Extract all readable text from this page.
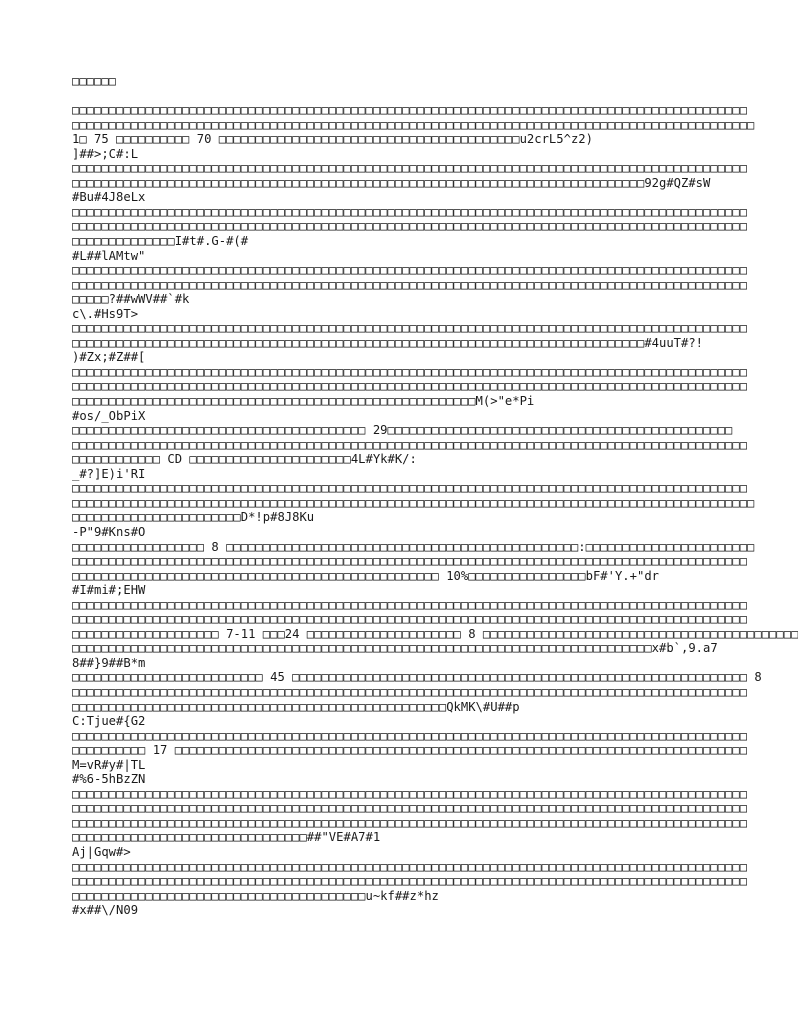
□□□□□□
□□□□□□□□□□□□□□□□□□□□□□□□□□□□□□□□□□□□□□□□□□□□□□□□□□□□□□□□□□□□□□□□□□□□□□□□□□□□□□□□□□□□□□□□□□□□
□□□□□□□□□□□□□□□□□□□□□□□□□□□□□□□□□□□□□□□□□□□□□□□□□□□□□□□□□□□□□□□□□□□□□□□□□□□□□□□□□□□□□□□□□□□□□
1□ 75 □□□□□□□□□□ 70 □□□□□□□□□□□□□□□□□□□□□□□□□□□□□□□□□□□□□□□□□u2crL5^z2)
]##>;C#:L
□□□□□□□□□□□□□□□□□□□□□□□□□□□□□□□□□□□□□□□□□□□□□□□□□□□□□□□□□□□□□□□□□□□□□□□□□□□□□□□□□□□□□□□□□□□□
□□□□□□□□□□□□□□□□□□□□□□□□□□□□□□□□□□□□□□□□□□□□□□□□□□□□□□□□□□□□□□□□□□□□□□□□□□□□□□92g#QZ#sW
#Bu#4J8eLx
□□□□□□□□□□□□□□□□□□□□□□□□□□□□□□□□□□□□□□□□□□□□□□□□□□□□□□□□□□□□□□□□□□□□□□□□□□□□□□□□□□□□□□□□□□□□
□□□□□□□□□□□□□□□□□□□□□□□□□□□□□□□□□□□□□□□□□□□□□□□□□□□□□□□□□□□□□□□□□□□□□□□□□□□□□□□□□□□□□□□□□□□□
□□□□□□□□□□□□□□I#t#.G-#(#
#L##lAMtw"
□□□□□□□□□□□□□□□□□□□□□□□□□□□□□□□□□□□□□□□□□□□□□□□□□□□□□□□□□□□□□□□□□□□□□□□□□□□□□□□□□□□□□□□□□□□□
□□□□□□□□□□□□□□□□□□□□□□□□□□□□□□□□□□□□□□□□□□□□□□□□□□□□□□□□□□□□□□□□□□□□□□□□□□□□□□□□□□□□□□□□□□□□
□□□□□?##wWV##`#k
c\.#Hs9T>
□□□□□□□□□□□□□□□□□□□□□□□□□□□□□□□□□□□□□□□□□□□□□□□□□□□□□□□□□□□□□□□□□□□□□□□□□□□□□□□□□□□□□□□□□□□□
□□□□□□□□□□□□□□□□□□□□□□□□□□□□□□□□□□□□□□□□□□□□□□□□□□□□□□□□□□□□□□□□□□□□□□□□□□□□□□#4uuT#?!
)#Zx;#Z##[
□□□□□□□□□□□□□□□□□□□□□□□□□□□□□□□□□□□□□□□□□□□□□□□□□□□□□□□□□□□□□□□□□□□□□□□□□□□□□□□□□□□□□□□□□□□□
□□□□□□□□□□□□□□□□□□□□□□□□□□□□□□□□□□□□□□□□□□□□□□□□□□□□□□□□□□□□□□□□□□□□□□□□□□□□□□□□□□□□□□□□□□□□
□□□□□□□□□□□□□□□□□□□□□□□□□□□□□□□□□□□□□□□□□□□□□□□□□□□□□□□M(>"e*Pi
#os/_ObPiX
□□□□□□□□□□□□□□□□□□□□□□□□□□□□□□□□□□□□□□□□ 29□□□□□□□□□□□□□□□□□□□□□□□□□□□□□□□□□□□□□□□□□□□□□□□
□□□□□□□□□□□□□□□□□□□□□□□□□□□□□□□□□□□□□□□□□□□□□□□□□□□□□□□□□□□□□□□□□□□□□□□□□□□□□□□□□□□□□□□□□□□□
□□□□□□□□□□□□ CD □□□□□□□□□□□□□□□□□□□□□□4L#Yk#K/:
_#?]E)i'RI
□□□□□□□□□□□□□□□□□□□□□□□□□□□□□□□□□□□□□□□□□□□□□□□□□□□□□□□□□□□□□□□□□□□□□□□□□□□□□□□□□□□□□□□□□□□□
□□□□□□□□□□□□□□□□□□□□□□□□□□□□□□□□□□□□□□□□□□□□□□□□□□□□□□□□□□□□□□□□□□□□□□□□□□□□□□□□□□□□□□□□□□□□□
□□□□□□□□□□□□□□□□□□□□□□□D*!p#8J8Ku
-P"9#Kns#O
□□□□□□□□□□□□□□□□□□ 8 □□□□□□□□□□□□□□□□□□□□□□□□□□□□□□□□□□□□□□□□□□□□□□□□:□□□□□□□□□□□□□□□□□□□□□□□
□□□□□□□□□□□□□□□□□□□□□□□□□□□□□□□□□□□□□□□□□□□□□□□□□□□□□□□□□□□□□□□□□□□□□□□□□□□□□□□□□□□□□□□□□□□□
□□□□□□□□□□□□□□□□□□□□□□□□□□□□□□□□□□□□□□□□□□□□□□□□□□ 10%□□□□□□□□□□□□□□□□bF#'Y.+"dr
#I#mi#;EHW
□□□□□□□□□□□□□□□□□□□□□□□□□□□□□□□□□□□□□□□□□□□□□□□□□□□□□□□□□□□□□□□□□□□□□□□□□□□□□□□□□□□□□□□□□□□□
□□□□□□□□□□□□□□□□□□□□□□□□□□□□□□□□□□□□□□□□□□□□□□□□□□□□□□□□□□□□□□□□□□□□□□□□□□□□□□□□□□□□□□□□□□□□
□□□□□□□□□□□□□□□□□□□□ 7-11 □□□24 □□□□□□□□□□□□□□□□□□□□□ 8 □□□□□□□□□□□□□□□□□□□□□□□□□□□□□□□□□□□□□□□□□□□
□□□□□□□□□□□□□□□□□□□□□□□□□□□□□□□□□□□□□□□□□□□□□□□□□□□□□□□□□□□□□□□□□□□□□□□□□□□□□□□x#b`,9.a7
8##}9##B*m
□□□□□□□□□□□□□□□□□□□□□□□□□□ 45 □□□□□□□□□□□□□□□□□□□□□□□□□□□□□□□□□□□□□□□□□□□□□□□□□□□□□□□□□□□□□□ 8
□□□□□□□□□□□□□□□□□□□□□□□□□□□□□□□□□□□□□□□□□□□□□□□□□□□□□□□□□□□□□□□□□□□□□□□□□□□□□□□□□□□□□□□□□□□□
□□□□□□□□□□□□□□□□□□□□□□□□□□□□□□□□□□□□□□□□□□□□□□□□□□□QkMK\#U##p
C:Tjue#{G2
□□□□□□□□□□□□□□□□□□□□□□□□□□□□□□□□□□□□□□□□□□□□□□□□□□□□□□□□□□□□□□□□□□□□□□□□□□□□□□□□□□□□□□□□□□□□
□□□□□□□□□□ 17 □□□□□□□□□□□□□□□□□□□□□□□□□□□□□□□□□□□□□□□□□□□□□□□□□□□□□□□□□□□□□□□□□□□□□□□□□□□□□□
M=vR#y#|TL
#%6-5hBzZN
□□□□□□□□□□□□□□□□□□□□□□□□□□□□□□□□□□□□□□□□□□□□□□□□□□□□□□□□□□□□□□□□□□□□□□□□□□□□□□□□□□□□□□□□□□□□
□□□□□□□□□□□□□□□□□□□□□□□□□□□□□□□□□□□□□□□□□□□□□□□□□□□□□□□□□□□□□□□□□□□□□□□□□□□□□□□□□□□□□□□□□□□□
□□□□□□□□□□□□□□□□□□□□□□□□□□□□□□□□□□□□□□□□□□□□□□□□□□□□□□□□□□□□□□□□□□□□□□□□□□□□□□□□□□□□□□□□□□□□
□□□□□□□□□□□□□□□□□□□□□□□□□□□□□□□□##"VE#A7#1
Aj|Gqw#>
□□□□□□□□□□□□□□□□□□□□□□□□□□□□□□□□□□□□□□□□□□□□□□□□□□□□□□□□□□□□□□□□□□□□□□□□□□□□□□□□□□□□□□□□□□□□
□□□□□□□□□□□□□□□□□□□□□□□□□□□□□□□□□□□□□□□□□□□□□□□□□□□□□□□□□□□□□□□□□□□□□□□□□□□□□□□□□□□□□□□□□□□□
□□□□□□□□□□□□□□□□□□□□□□□□□□□□□□□□□□□□□□□□u~kf##z*hz
#x##\/N09
